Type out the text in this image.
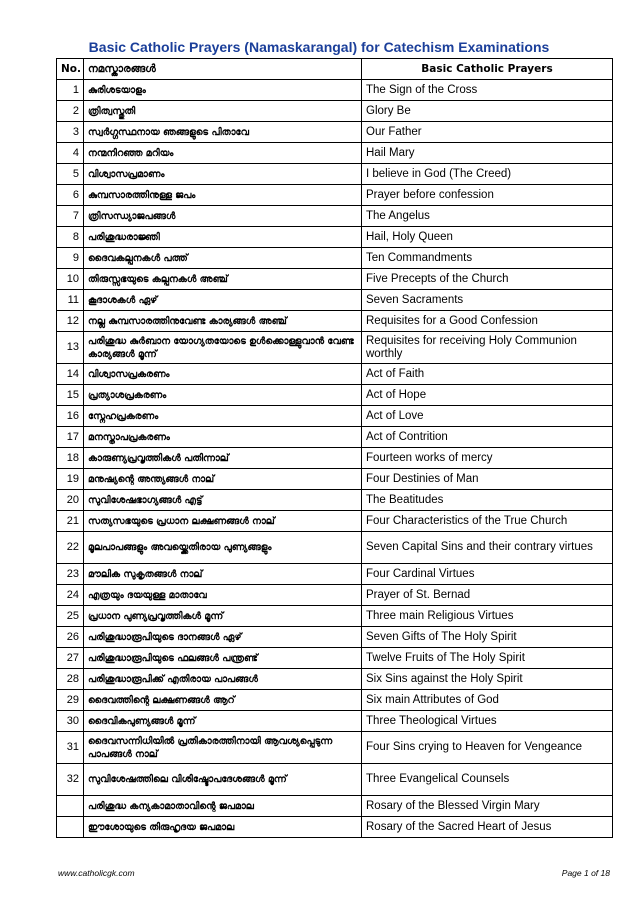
Basic Catholic Prayers (Namaskarangal) for Catechism Examinations
No.	നമസ്കാരങ്ങൾ	Basic Catholic Prayers
1	കുരിശടയാളം	The Sign of the Cross
2	ത്രിത്വസ്തുതി	Glory Be
3	സ്വർഗ്ഗസ്ഥനായ ഞങ്ങളുടെ പിതാവേ	Our Father
4	നന്മനിറഞ്ഞ മറിയം	Hail Mary
5	വിശ്വാസപ്രമാണം	I believe in God (The Creed)
6	കുമ്പസാരത്തിനുള്ള ജപം	Prayer before confession
7	ത്രിസന്ധ്യാജപങ്ങൾ	The Angelus
8	പരിശുദ്ധരാജ്ഞി	Hail, Holy Queen
9	ദൈവകല്പനകൾ പത്ത്	Ten Commandments
10	തിരുസ്സഭയുടെ കല്പനകൾ അഞ്ച്	Five Precepts of the Church
11	കൂദാശകൾ ഏഴ്	Seven Sacraments
12	നല്ല കുമ്പസാരത്തിനുവേണ്ട കാര്യങ്ങൾ അഞ്ച്	Requisites for a Good Confession
13	പരിശുദ്ധ കുർബാന യോഗ്യതയോടെ ഉൾക്കൊള്ളുവാൻ വേണ്ട കാര്യങ്ങൾ മൂന്ന്	Requisites for receiving Holy Communion worthly
14	വിശ്വാസപ്രകരണം	Act of Faith
15	പ്രത്യാശപ്രകരണം	Act of Hope
16	സ്നേഹപ്രകരണം	Act of Love
17	മനസ്താപപ്രകരണം	Act of Contrition
18	കാരുണ്യപ്രവൃത്തികൾ പതിന്നാല്	Fourteen works of mercy
19	മനുഷ്യന്റെ അന്ത്യങ്ങൾ നാല്	Four Destinies of Man
20	സുവിശേഷഭാഗ്യങ്ങൾ എട്ട്	The Beatitudes
21	സത്യസഭയുടെ പ്രധാന ലക്ഷണങ്ങൾ നാല്	Four Characteristics of the True Church
22	മൂലപാപങ്ങളും അവയ്ക്കെതിരായ പുണ്യങ്ങളും	Seven Capital Sins and their contrary virtues
23	മൗലിക സുകൃതങ്ങൾ നാല്	Four Cardinal Virtues
24	എത്രയും ദയയുള്ള മാതാവേ	Prayer of St. Bernad
25	പ്രധാന പുണ്യപ്രവൃത്തികൾ മൂന്ന്	Three main Religious Virtues
26	പരിശുദ്ധാരൂപിയുടെ ദാനങ്ങൾ ഏഴ്	Seven Gifts of The Holy Spirit
27	പരിശുദ്ധാരൂപിയുടെ ഫലങ്ങൾ പന്ത്രണ്ട്	Twelve Fruits of The Holy Spirit
28	പരിശുദ്ധാരൂപിക്ക് എതിരായ പാപങ്ങൾ	Six Sins against the Holy Spirit
29	ദൈവത്തിന്റെ ലക്ഷണങ്ങൾ ആറ്	Six main Attributes of God
30	ദൈവികപുണ്യങ്ങൾ മൂന്ന്	Three Theological Virtues
31	ദൈവസന്നിധിയിൽ പ്രതികാരത്തിനായി ആവശ്യപ്പെടുന്ന പാപങ്ങൾ നാല്	Four Sins crying to Heaven for Vengeance
32	സുവിശേഷത്തിലെ വിശിഷ്ടോപദേശങ്ങൾ മൂന്ന്	Three Evangelical Counsels
	പരിശുദ്ധ കന്യകാമാതാവിന്റെ ജപമാല	Rosary of the Blessed Virgin Mary
	ഈശോയുടെ തിരുഹൃദയ ജപമാല	Rosary of the Sacred Heart of Jesus
www.catholicgk.com	Page 1 of 18
